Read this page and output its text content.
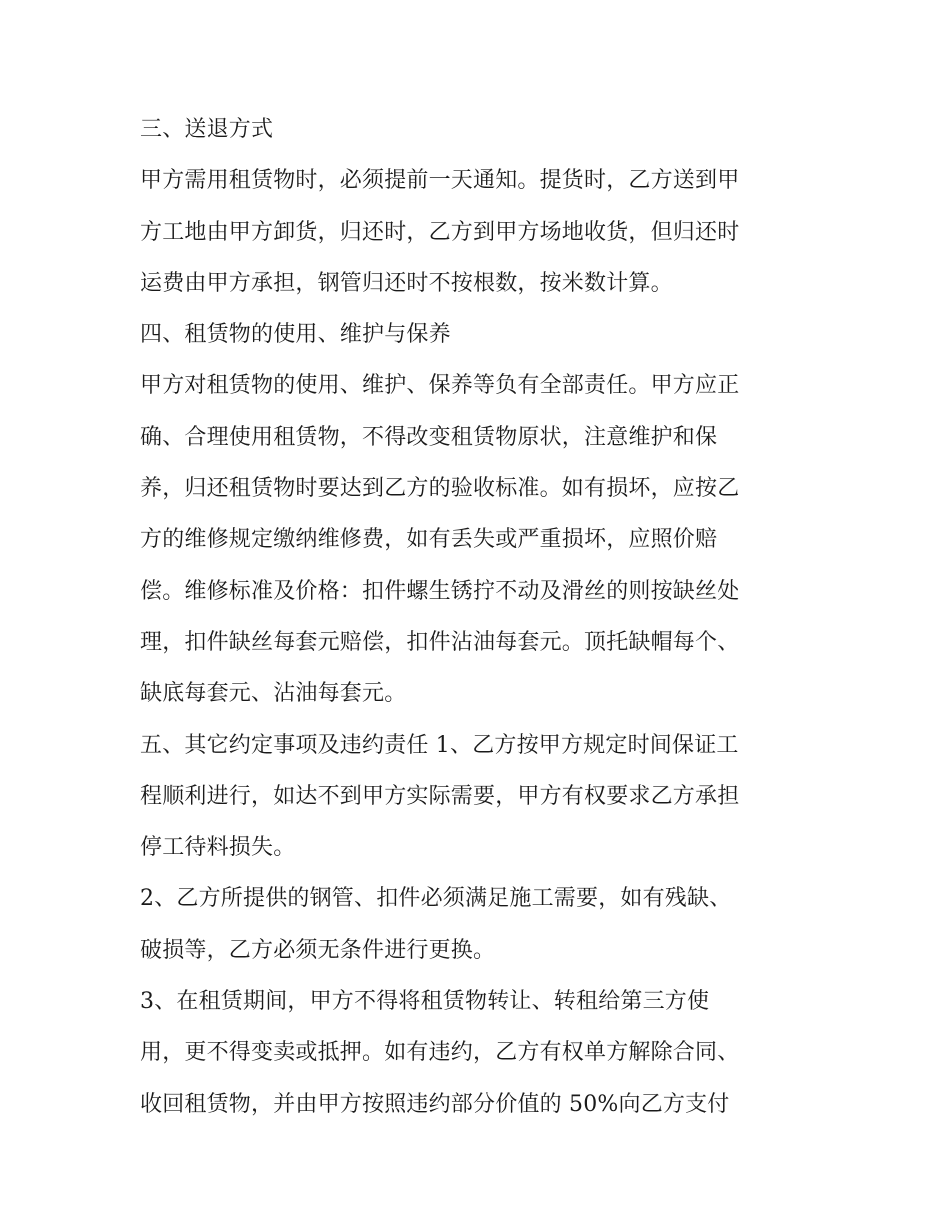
三、送退方式
甲方需用租赁物时，必须提前一天通知。提货时，乙方送到甲
方工地由甲方卸货，归还时，乙方到甲方场地收货，但归还时
运费由甲方承担，钢管归还时不按根数，按米数计算。
四、租赁物的使用、维护与保养
甲方对租赁物的使用、维护、保养等负有全部责任。甲方应正
确、合理使用租赁物，不得改变租赁物原状，注意维护和保
养，归还租赁物时要达到乙方的验收标准。如有损坏，应按乙
方的维修规定缴纳维修费，如有丢失或严重损坏，应照价赔
偿。维修标准及价格：扣件螺生锈拧不动及滑丝的则按缺丝处
理，扣件缺丝每套元赔偿，扣件沾油每套元。顶托缺帽每个、
缺底每套元、沾油每套元。
五、其它约定事项及违约责任 1、乙方按甲方规定时间保证工
程顺利进行，如达不到甲方实际需要，甲方有权要求乙方承担
停工待料损失。
2、乙方所提供的钢管、扣件必须满足施工需要，如有残缺、
破损等，乙方必须无条件进行更换。
3、在租赁期间，甲方不得将租赁物转让、转租给第三方使
用，更不得变卖或抵押。如有违约，乙方有权单方解除合同、
收回租赁物，并由甲方按照违约部分价值的 50%向乙方支付
